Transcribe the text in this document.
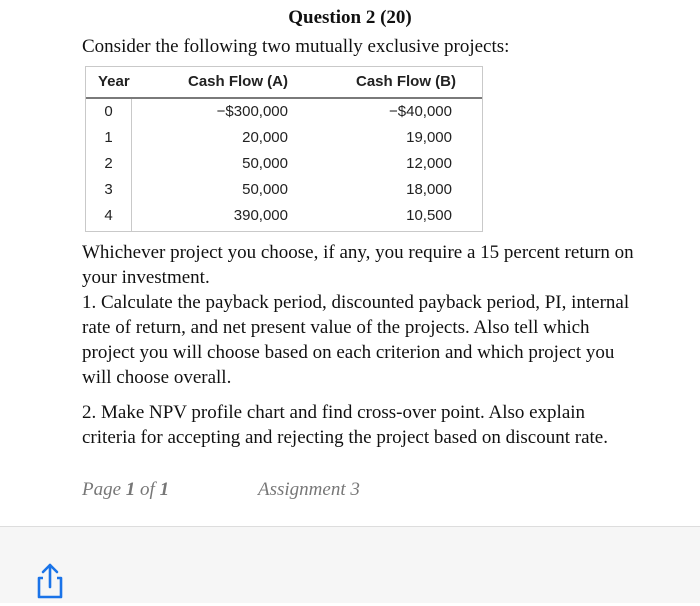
Question 2 (20)
Consider the following two mutually exclusive projects:
Year	Cash Flow (A)	Cash Flow (B)
0	−$300,000	−$40,000
1	20,000	19,000
2	50,000	12,000
3	50,000	18,000
4	390,000	10,500

Whichever project you choose, if any, you require a 15 percent return on your investment.

1. Calculate the payback period, discounted payback period, PI, internal rate of return, and net present value of the projects. Also tell which project you will choose based on each criterion and which project you will choose overall.

2. Make NPV profile chart and find cross-over point. Also explain criteria for accepting and rejecting the project based on discount rate.

Page 1 of 1	Assignment 3
